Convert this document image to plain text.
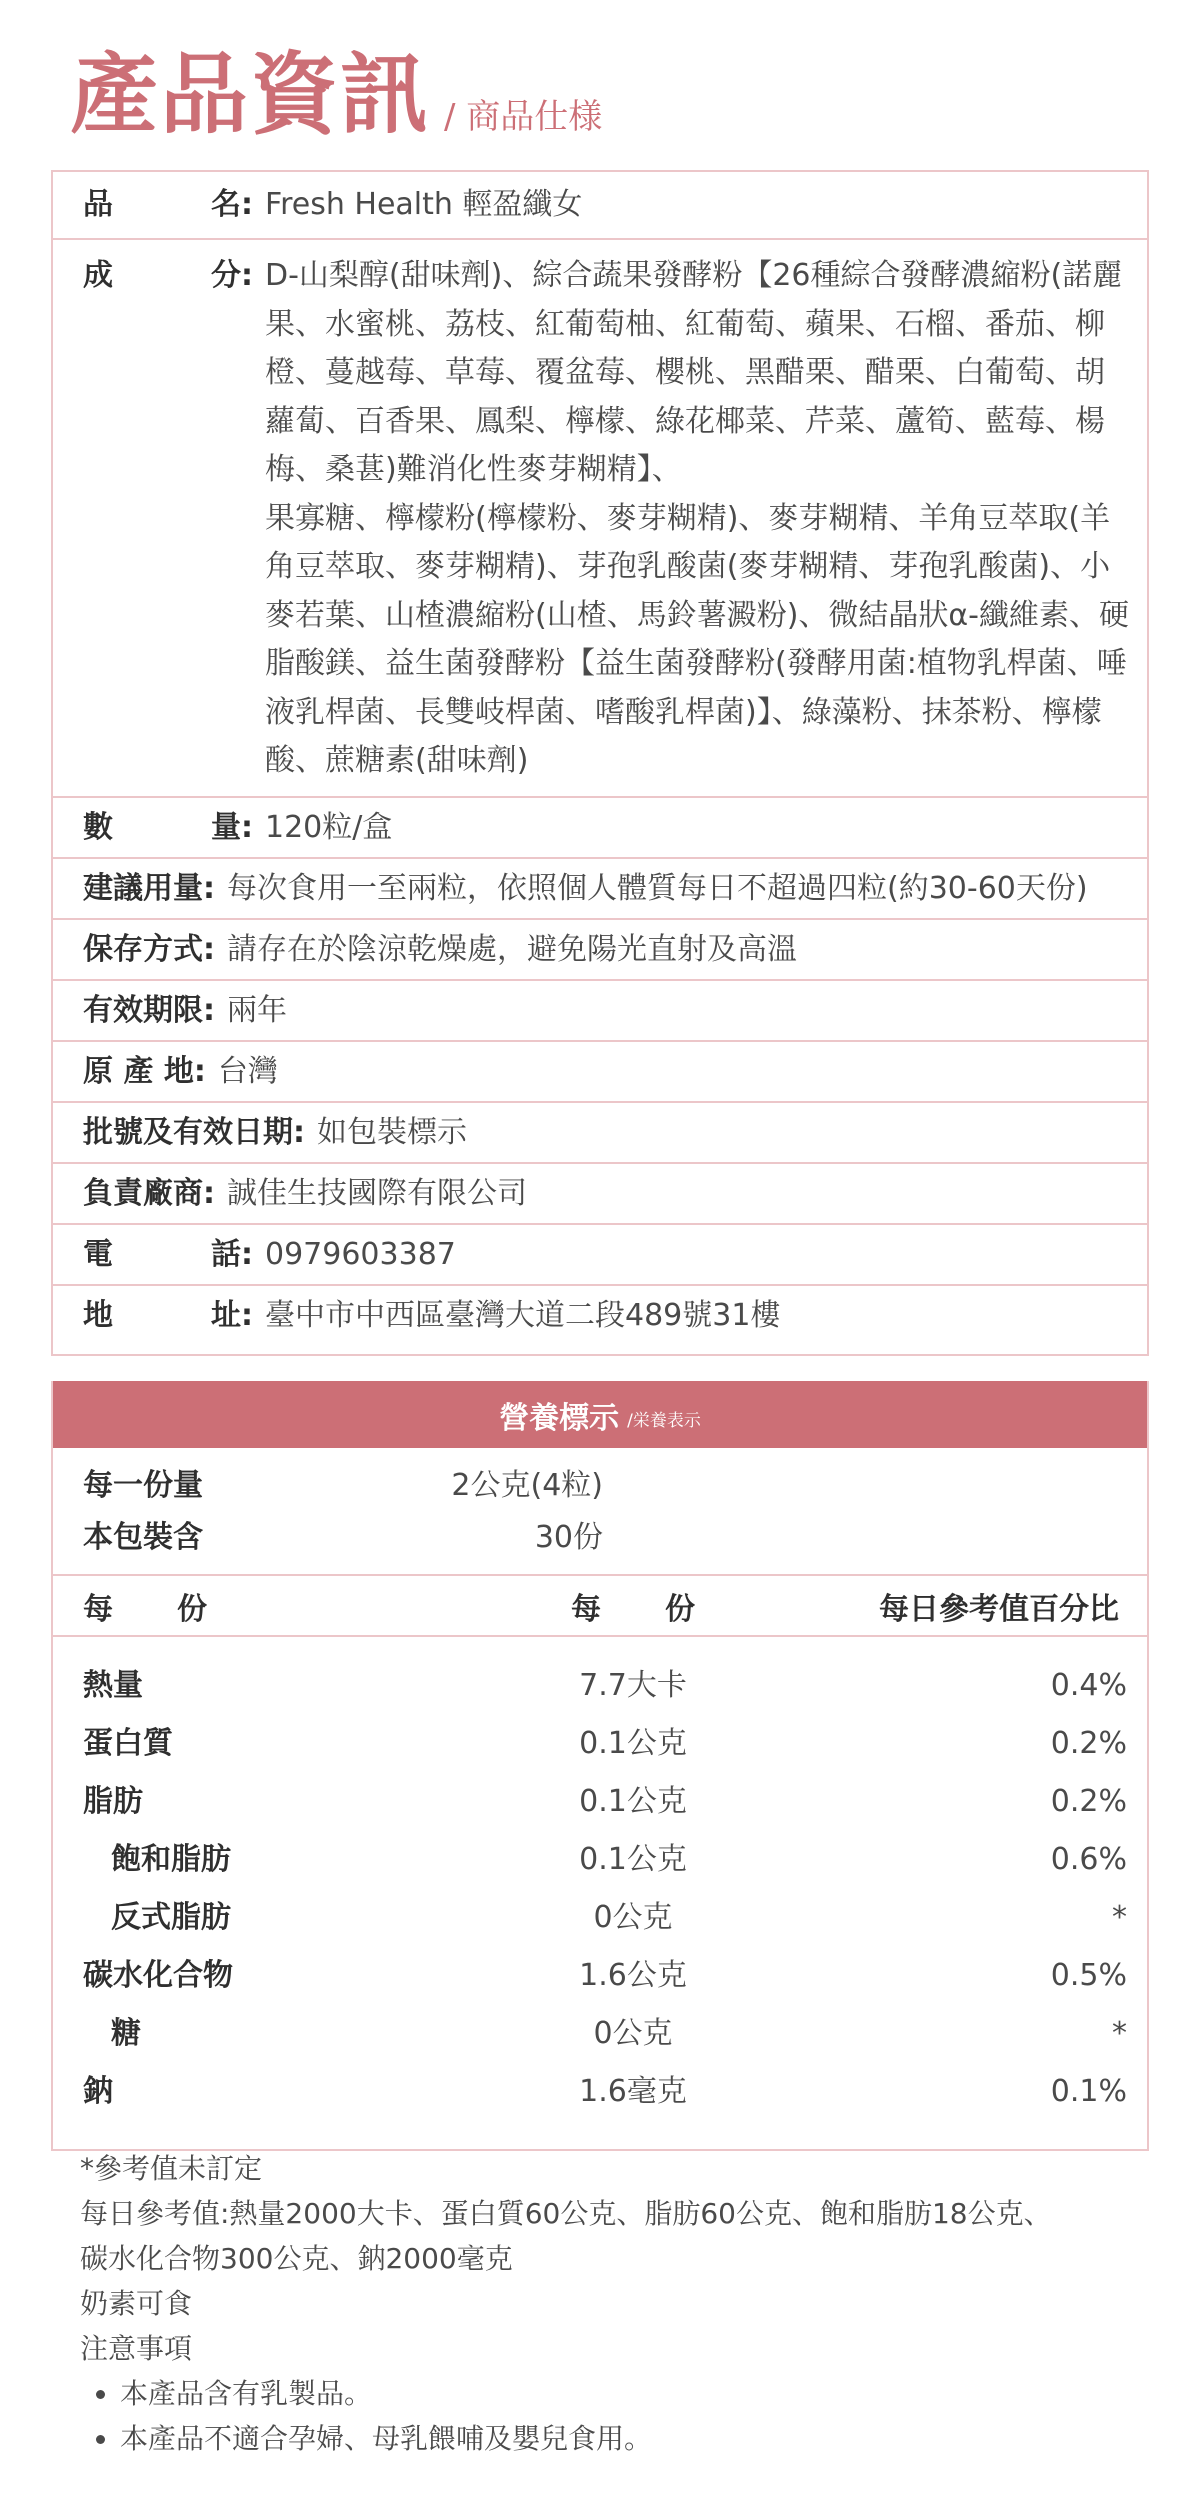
產品資訊 / 商品仕様
品	名: Fresh Health 輕盈纖女
成	分: D-山梨醇(甜味劑)、綜合蔬果發酵粉【26種綜合發酵濃縮粉(諾麗果、水蜜桃、荔枝、紅葡萄柚、紅葡萄、蘋果、石榴、番茄、柳橙、蔓越莓、草莓、覆盆莓、櫻桃、黑醋栗、醋栗、白葡萄、胡蘿蔔、百香果、鳳梨、檸檬、綠花椰菜、芹菜、蘆筍、藍莓、楊梅、桑葚)難消化性麥芽糊精】、
果寡糖、檸檬粉(檸檬粉、麥芽糊精)、麥芽糊精、羊角豆萃取(羊角豆萃取、麥芽糊精)、芽孢乳酸菌(麥芽糊精、芽孢乳酸菌)、小麥若葉、山楂濃縮粉(山楂、馬鈴薯澱粉)、微結晶狀α-纖維素、硬脂酸鎂、益生菌發酵粉【益生菌發酵粉(發酵用菌:植物乳桿菌、唾液乳桿菌、長雙岐桿菌、嗜酸乳桿菌)】、綠藻粉、抹茶粉、檸檬酸、蔗糖素(甜味劑)
數	量: 120粒/盒
建議用量: 每次食用一至兩粒，依照個人體質每日不超過四粒(約30-60天份)
保存方式: 請存在於陰涼乾燥處，避免陽光直射及高溫
有效期限: 兩年
原 產 地: 台灣
批號及有效日期: 如包裝標示
負責廠商: 誠佳生技國際有限公司
電	話: 0979603387
地	址: 臺中市中西區臺灣大道二段489號31樓
營養標示 /栄養表示
每一份量	2公克(4粒)
本包裝含	30份
每	份	每 份	每日參考值百分比
熱量	7.7大卡	0.4%
蛋白質	0.1公克	0.2%
脂肪	0.1公克	0.2%
飽和脂肪	0.1公克	0.6%
反式脂肪	0公克	*
碳水化合物	1.6公克	0.5%
糖	0公克	*
鈉	1.6毫克	0.1%
*參考值未訂定
每日參考值:熱量2000大卡、蛋白質60公克、脂肪60公克、飽和脂肪18公克、
碳水化合物300公克、鈉2000毫克
奶素可食
注意事項
• 本產品含有乳製品。
• 本產品不適合孕婦、母乳餵哺及嬰兒食用。
